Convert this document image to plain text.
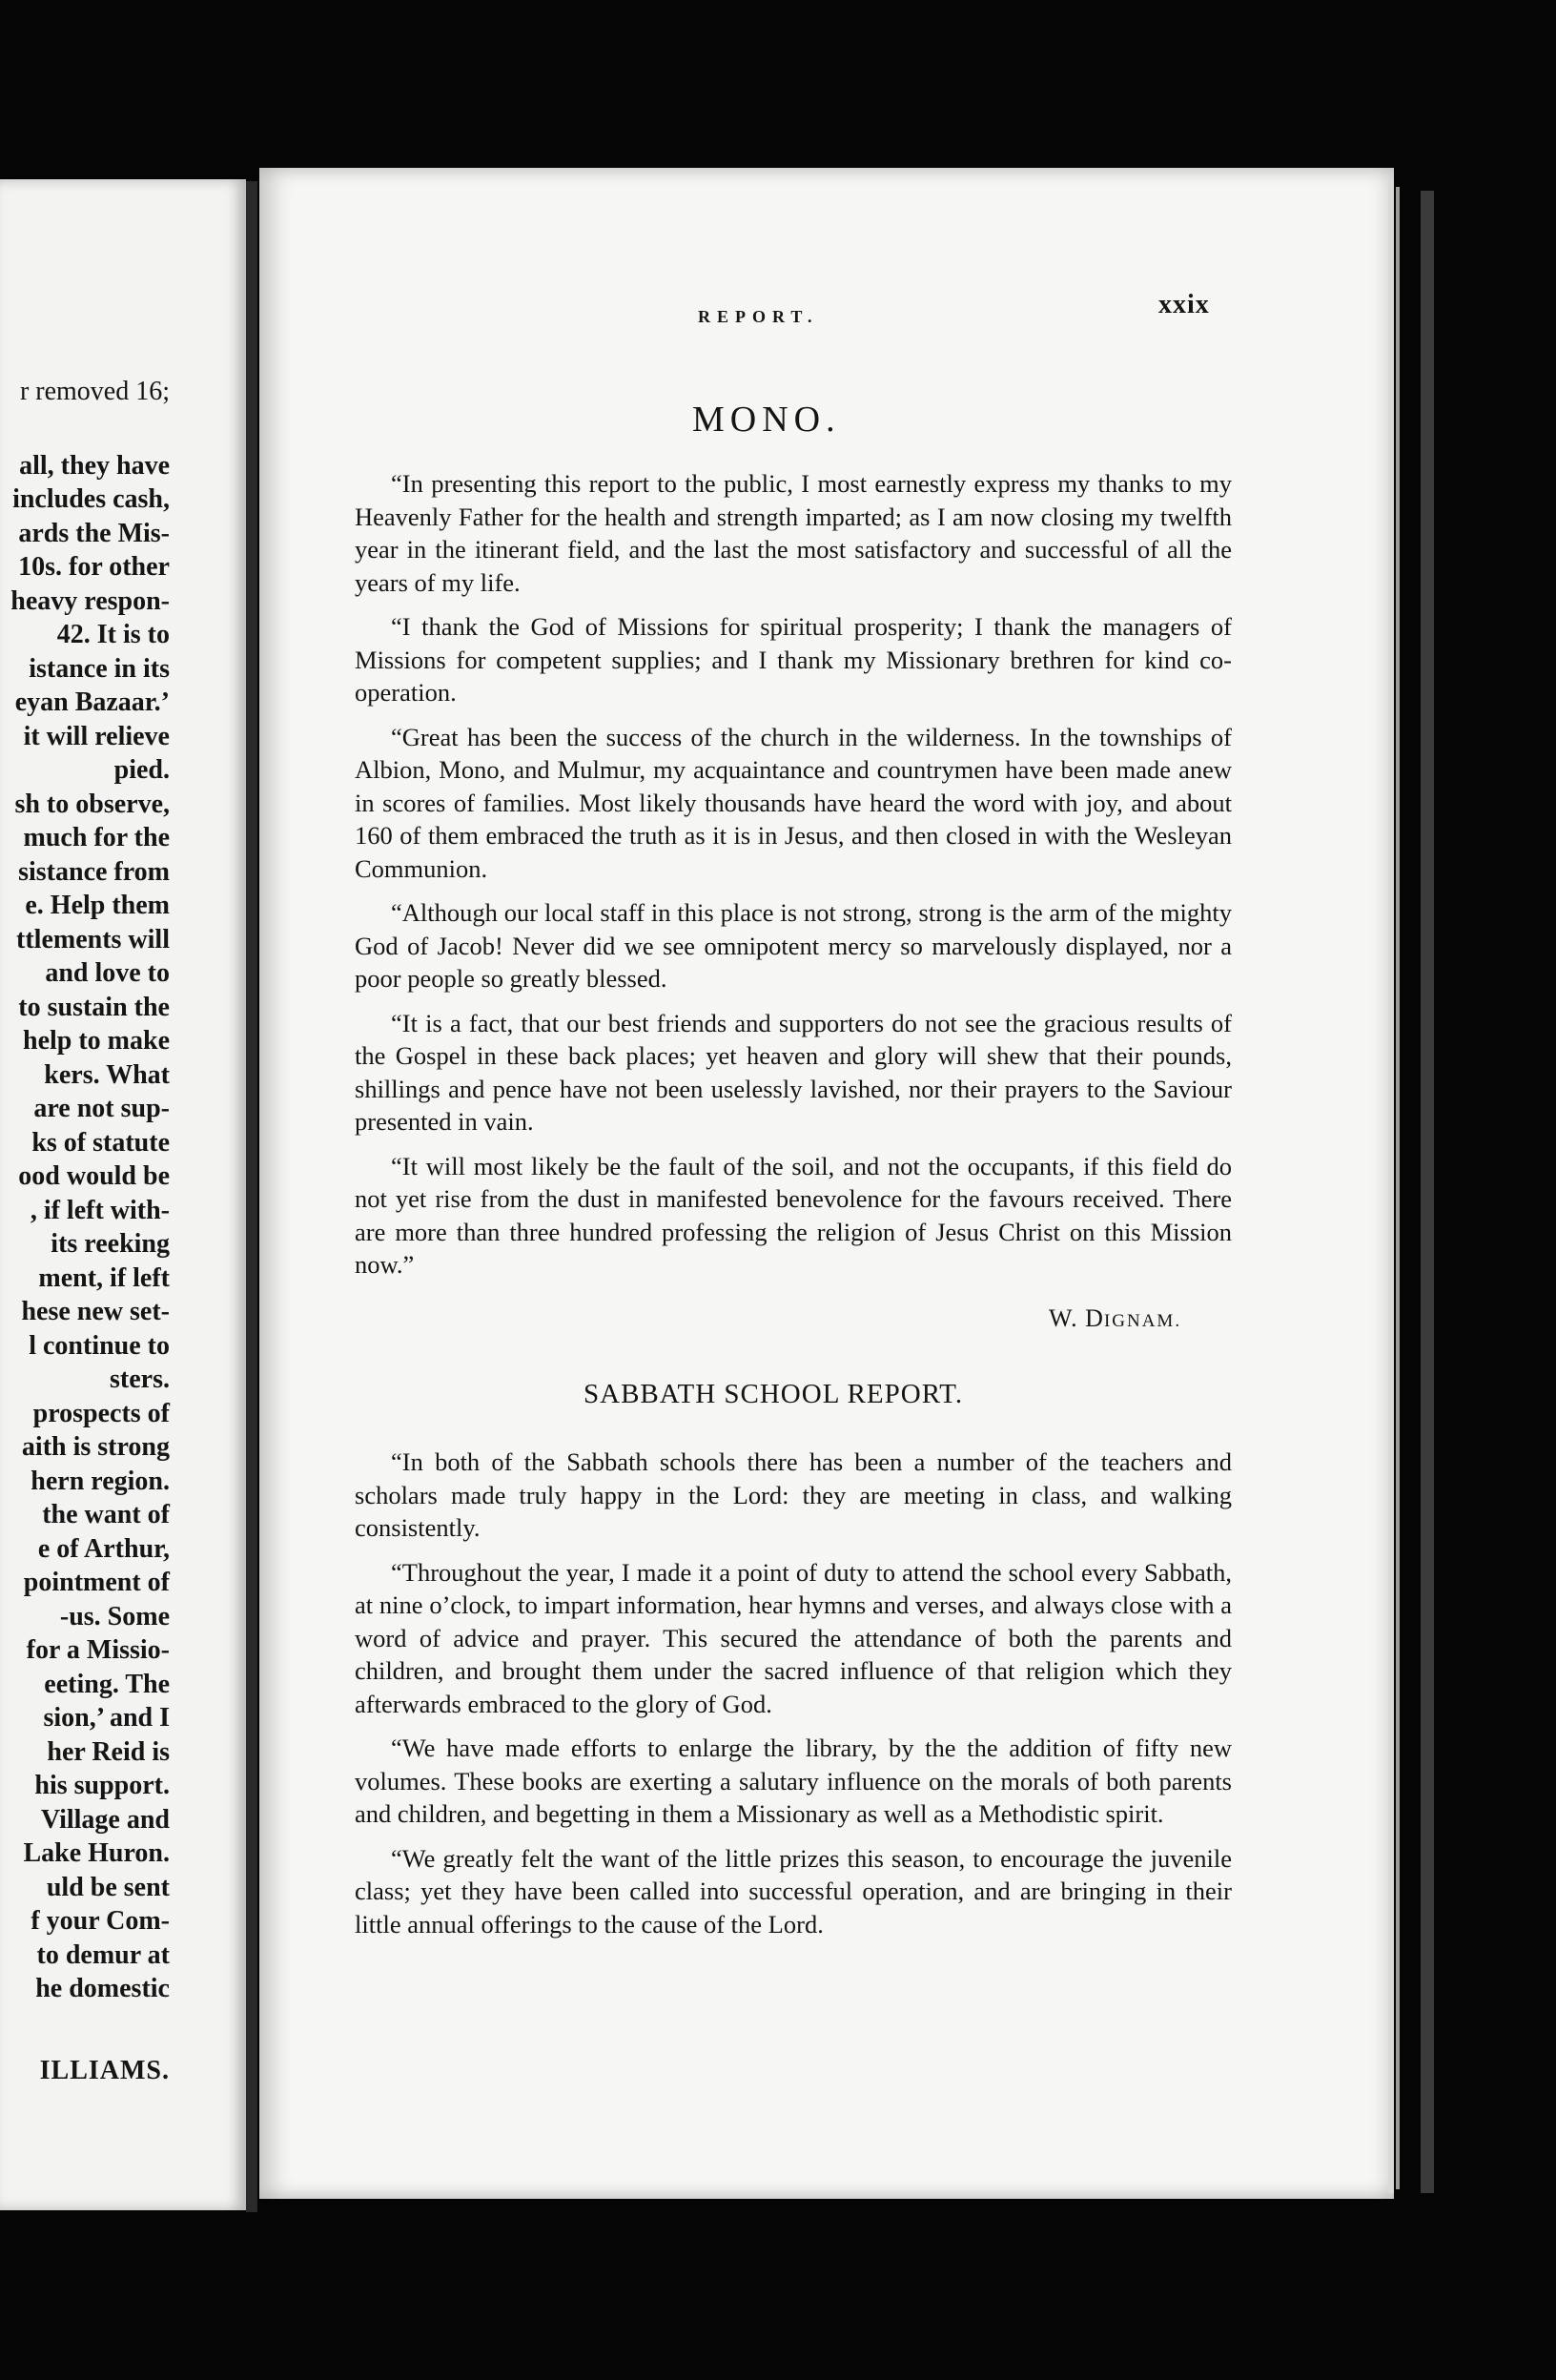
r removed 16;
all, they have
includes cash,
ards the Mis-
10s. for other
heavy respon-
42. It is to
istance in its
eyan Bazaar.’
it will relieve
pied.
sh to observe,
much for the
sistance from
e. Help them
ttlements will
and love to
to sustain the
help to make
kers. What
are not sup-
ks of statute
ood would be
, if left with-
its reeking
ment, if left
hese new set-
l continue to
sters.
prospects of
aith is strong
hern region.
the want of
e of Arthur,
pointment of
-us. Some
for a Missio-
eeting. The
sion,’ and I
her Reid is
his support.
Village and
Lake Huron.
uld be sent
f your Com-
to demur at
he domestic
ILLIAMS.
REPORT.	xxix
MONO.

“In presenting this report to the public, I most earnestly express my thanks to my Heavenly Father for the health and strength imparted; as I am now closing my twelfth year in the itinerant field, and the last the most satisfactory and successful of all the years of my life.

“I thank the God of Missions for spiritual prosperity; I thank the managers of Missions for competent supplies; and I thank my Missionary brethren for kind co-operation.

“Great has been the success of the church in the wilderness. In the townships of Albion, Mono, and Mulmur, my acquaintance and countrymen have been made anew in scores of families. Most likely thousands have heard the word with joy, and about 160 of them embraced the truth as it is in Jesus, and then closed in with the Wesleyan Communion.

“Although our local staff in this place is not strong, strong is the arm of the mighty God of Jacob! Never did we see omnipotent mercy so marvelously displayed, nor a poor people so greatly blessed.

“It is a fact, that our best friends and supporters do not see the gracious results of the Gospel in these back places; yet heaven and glory will shew that their pounds, shillings and pence have not been uselessly lavished, nor their prayers to the Saviour presented in vain.

“It will most likely be the fault of the soil, and not the occupants, if this field do not yet rise from the dust in manifested benevolence for the favours received. There are more than three hundred professing the religion of Jesus Christ on this Mission now.”

W. DIGNAM.
SABBATH SCHOOL REPORT.

“In both of the Sabbath schools there has been a number of the teachers and scholars made truly happy in the Lord: they are meeting in class, and walking consistently.

“Throughout the year, I made it a point of duty to attend the school every Sabbath, at nine o’clock, to impart information, hear hymns and verses, and always close with a word of advice and prayer. This secured the attendance of both the parents and children, and brought them under the sacred influence of that religion which they afterwards embraced to the glory of God.

“We have made efforts to enlarge the library, by the the addition of fifty new volumes. These books are exerting a salutary influence on the morals of both parents and children, and begetting in them a Missionary as well as a Methodistic spirit.

“We greatly felt the want of the little prizes this season, to encourage the juvenile class; yet they have been called into successful operation, and are bringing in their little annual offerings to the cause of the Lord.
